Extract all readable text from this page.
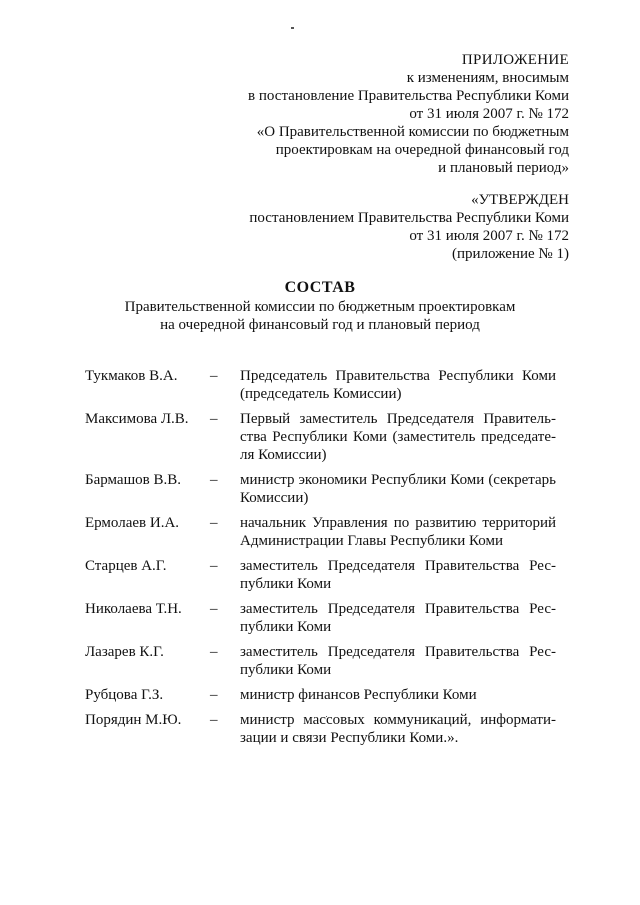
ПРИЛОЖЕНИЕ
к изменениям, вносимым
в постановление Правительства Республики Коми
от 31 июля 2007 г. № 172
«О Правительственной комиссии по бюджетным
проектировкам на очередной финансовый год
и плановый период»
«УТВЕРЖДЕН
постановлением Правительства Республики Коми
от 31 июля 2007 г. № 172
(приложение № 1)
СОСТАВ
Правительственной комиссии по бюджетным проектировкам
на очередной финансовый год и плановый период
Тукмаков В.А. – Председатель Правительства Республики Коми (председатель Комиссии)
Максимова Л.В. – Первый заместитель Председателя Правительства Республики Коми (заместитель председателя Комиссии)
Бармашов В.В. – министр экономики Республики Коми (секретарь Комиссии)
Ермолаев И.А. – начальник Управления по развитию территорий Администрации Главы Республики Коми
Старцев А.Г.	– заместитель Председателя Правительства Республики Коми
Николаева Т.Н. – заместитель Председателя Правительства Республики Коми
Лазарев К.Г.	– заместитель Председателя Правительства Республики Коми
Рубцова Г.З.	– министр финансов Республики Коми
Порядин М.Ю. – министр массовых коммуникаций, информатизации и связи Республики Коми.».
